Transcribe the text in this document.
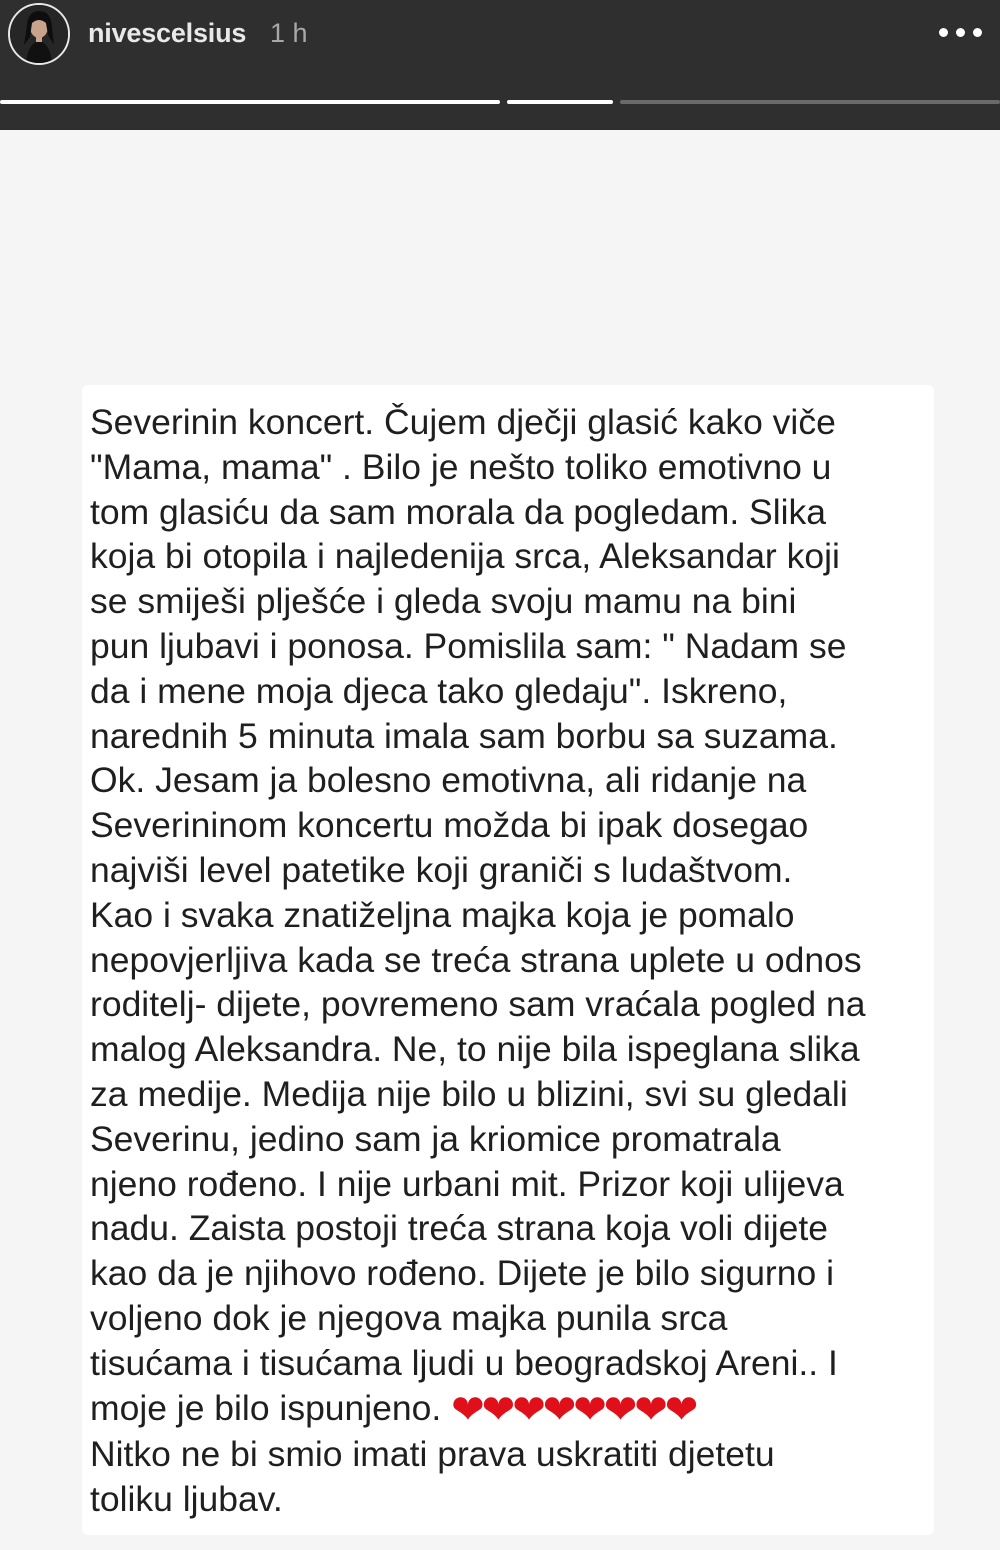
nivescelsius 1 h
Severinin koncert. Čujem dječji glasić kako viče
"Mama, mama" . Bilo je nešto toliko emotivno u
tom glasiću da sam morala da pogledam. Slika
koja bi otopila i najledenija srca, Aleksandar koji
se smiješi plješće i gleda svoju mamu na bini
pun ljubavi i ponosa. Pomislila sam: " Nadam se
da i mene moja djeca tako gledaju". Iskreno,
narednih 5 minuta imala sam borbu sa suzama.
Ok. Jesam ja bolesno emotivna, ali ridanje na
Severininom koncertu možda bi ipak dosegao
najviši level patetike koji graniči s ludaštvom.
Kao i svaka znatiželjna majka koja je pomalo
nepovjerljiva kada se treća strana uplete u odnos
roditelj- dijete, povremeno sam vraćala pogled na
malog Aleksandra. Ne, to nije bila ispeglana slika
za medije. Medija nije bilo u blizini, svi su gledali
Severinu, jedino sam ja kriomice promatrala
njeno rođeno. I nije urbani mit. Prizor koji ulijeva
nadu. Zaista postoji treća strana koja voli dijete
kao da je njihovo rođeno. Dijete je bilo sigurno i
voljeno dok je njegova majka punila srca
tisućama i tisućama ljudi u beogradskoj Areni.. I
moje je bilo ispunjeno. ❤❤❤❤❤❤❤❤
Nitko ne bi smio imati prava uskratiti djetetu
toliku ljubav.
